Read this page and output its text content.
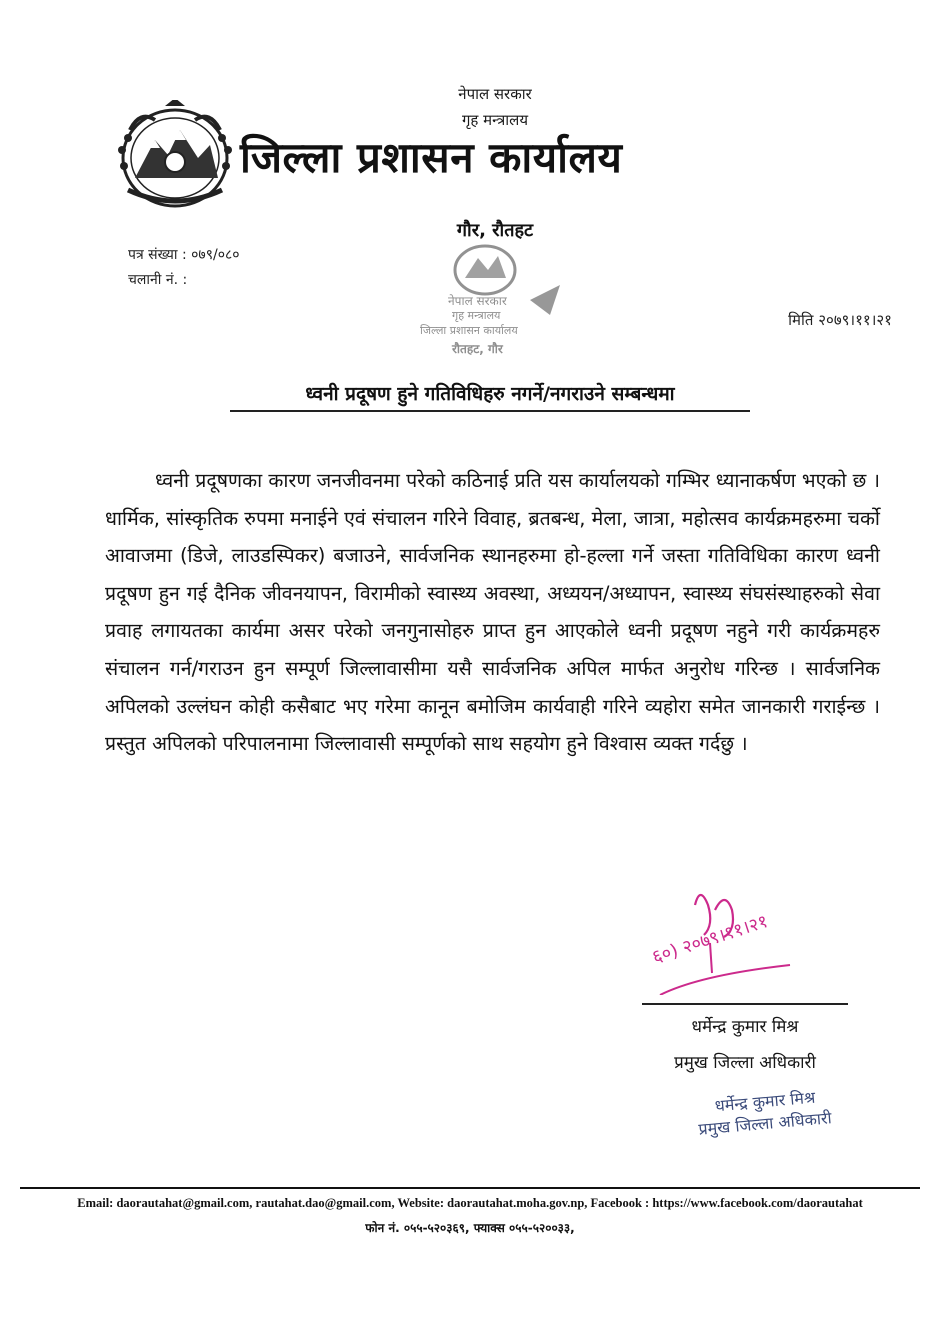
नेपाल सरकार
गृह मन्त्रालय
जिल्ला प्रशासन कार्यालय
गौर, रौतहट
पत्र संख्या : ०७९/०८०
चलानी नं. :
मिति २०७९।११।२१
नेपाल सरकार
गृह मन्त्रालय
जिल्ला प्रशासन कार्यालय
रौतहट, गौर
ध्वनी प्रदूषण हुने गतिविधिहरु नगर्ने/नगराउने सम्बन्धमा
ध्वनी प्रदूषणका कारण जनजीवनमा परेको कठिनाई प्रति यस कार्यालयको गम्भिर ध्यानाकर्षण भएको छ । धार्मिक, सांस्कृतिक रुपमा मनाईने एवं संचालन गरिने विवाह, ब्रतबन्ध, मेला, जात्रा, महोत्सव कार्यक्रमहरुमा चर्को आवाजमा (डिजे, लाउडस्पिकर) बजाउने, सार्वजनिक स्थानहरुमा हो-हल्ला गर्ने जस्ता गतिविधिका कारण ध्वनी प्रदूषण हुन गई दैनिक जीवनयापन, विरामीको स्वास्थ्य अवस्था, अध्ययन/अध्यापन, स्वास्थ्य संघसंस्थाहरुको सेवा प्रवाह लगायतका कार्यमा असर परेको जनगुनासोहरु प्राप्त हुन आएकोले ध्वनी प्रदूषण नहुने गरी कार्यक्रमहरु संचालन गर्न/गराउन हुन सम्पूर्ण जिल्लावासीमा यसै सार्वजनिक अपिल मार्फत अनुरोध गरिन्छ । सार्वजनिक अपिलको उल्लंघन कोही कसैबाट भए गरेमा कानून बमोजिम कार्यवाही गरिने व्यहोरा समेत जानकारी गराईन्छ । प्रस्तुत अपिलको परिपालनामा जिल्लावासी सम्पूर्णको साथ सहयोग हुने विश्वास व्यक्त गर्दछु ।
६०) २०७९।११।२१
धर्मेन्द्र कुमार मिश्र
प्रमुख जिल्ला अधिकारी
धर्मेन्द्र कुमार मिश्र
प्रमुख जिल्ला अधिकारी
Email: daorautahat@gmail.com, rautahat.dao@gmail.com, Website: daorautahat.moha.gov.np, Facebook : https://www.facebook.com/daorautahat
फोन नं. ०५५-५२०३६९, फ्याक्स ०५५-५२००३३,
